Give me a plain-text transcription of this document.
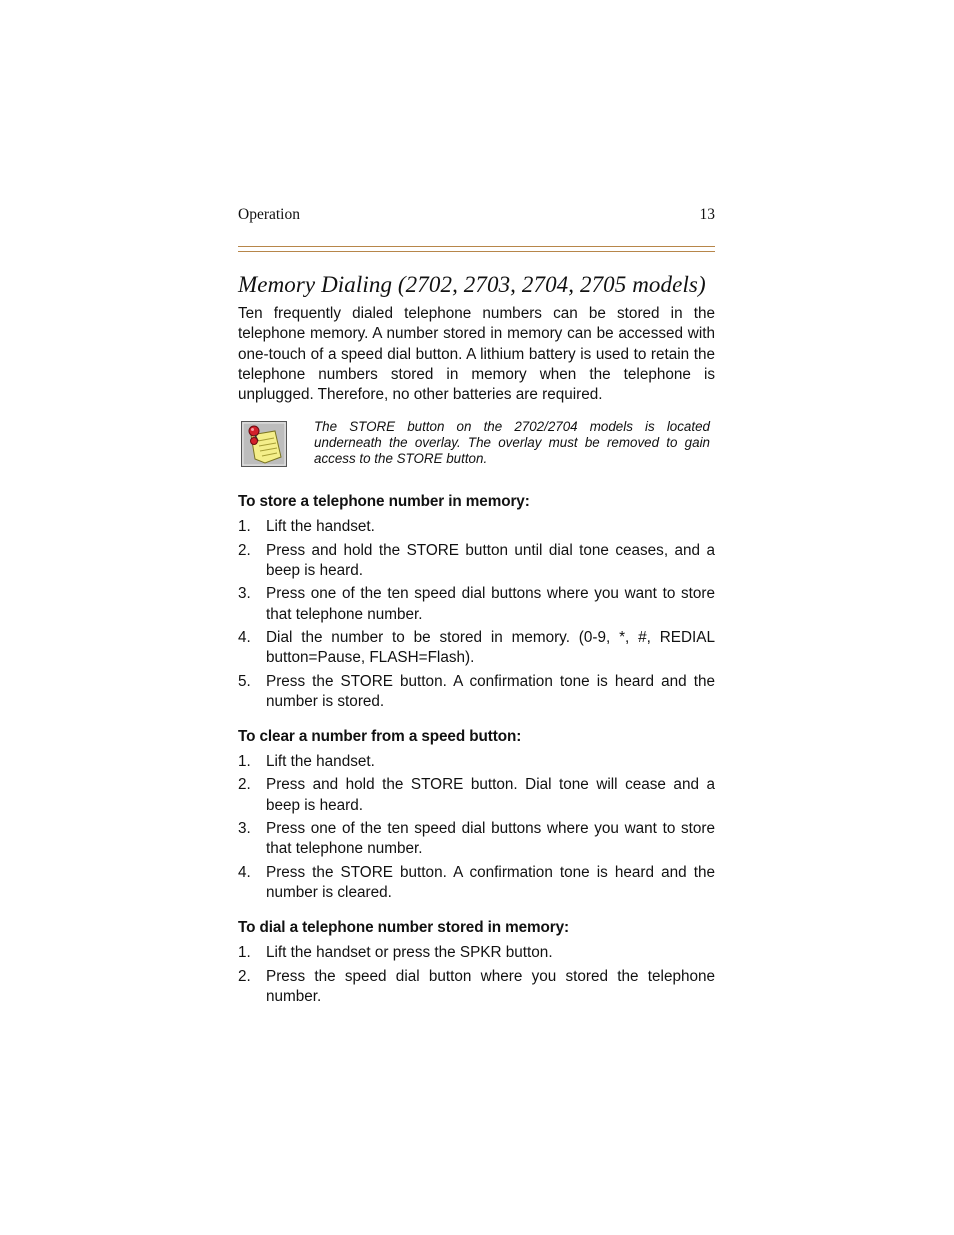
Operation	13
Memory Dialing (2702, 2703, 2704, 2705 models)

Ten frequently dialed telephone numbers can be stored in the telephone memory. A number stored in memory can be accessed with one-touch of a speed dial button. A lithium battery is used to retain the telephone numbers stored in memory when the telephone is unplugged. Therefore, no other batteries are required.

The STORE button on the 2702/2704 models is located underneath the overlay. The overlay must be removed to gain access to the STORE button.
To store a telephone number in memory:
1. Lift the handset.
2. Press and hold the STORE button until dial tone ceases, and a beep is heard.
3. Press one of the ten speed dial buttons where you want to store that telephone number.
4. Dial the number to be stored in memory. (0-9, *, #, REDIAL button=Pause, FLASH=Flash).
5. Press the STORE button. A confirmation tone is heard and the number is stored.
To clear a number from a speed button:
1. Lift the handset.
2. Press and hold the STORE button. Dial tone will cease and a beep is heard.
3. Press one of the ten speed dial buttons where you want to store that telephone number.
4. Press the STORE button. A confirmation tone is heard and the number is cleared.
To dial a telephone number stored in memory:
1. Lift the handset or press the SPKR button.
2. Press the speed dial button where you stored the telephone number.
